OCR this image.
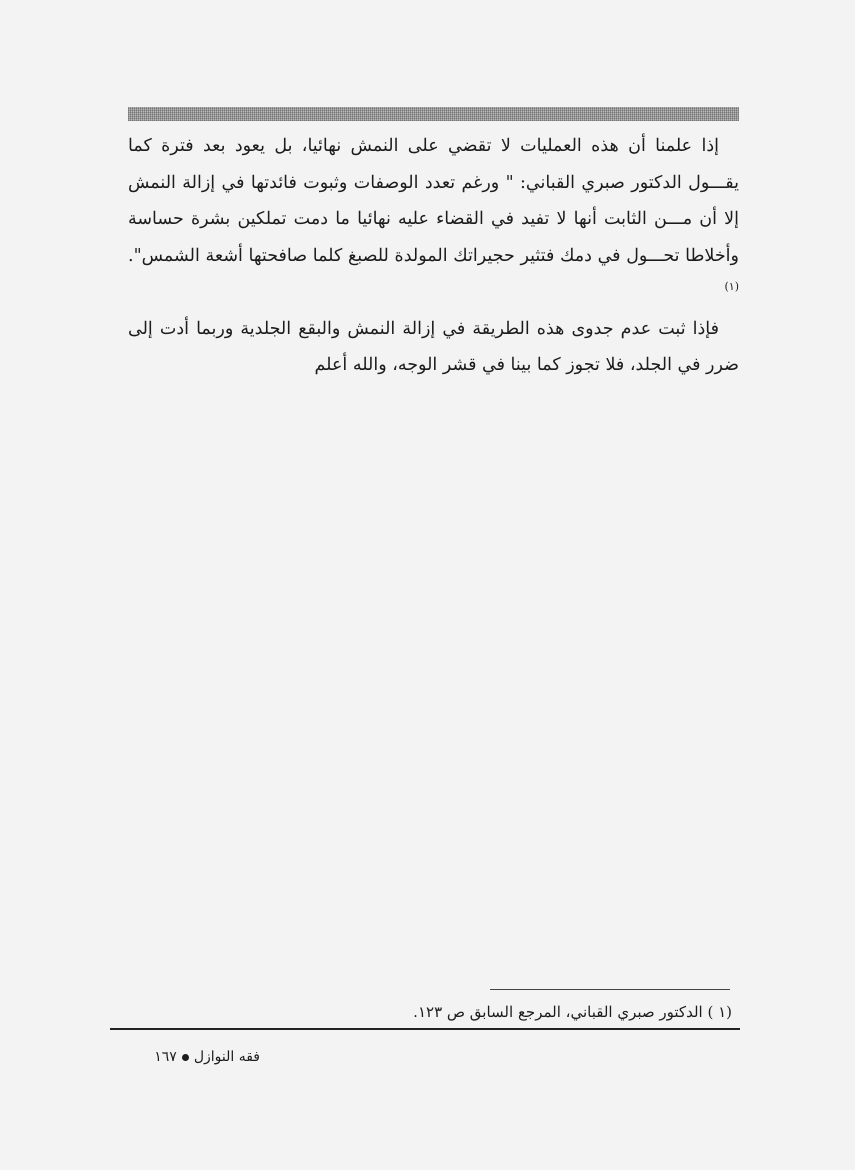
إذا علمنا أن هذه العمليات لا تقضي على النمش نهائيا، بل يعود بعد فترة كما يقـــول الدكتور صبري القباني: " ورغم تعدد الوصفات وثبوت فائدتها في إزالة النمش إلا أن مـــن الثابت أنها لا تفيد في القضاء عليه نهائيا ما دمت تملكين بشرة حساسة وأخلاطا تحـــول في دمك فتثير حجيراتك المولدة للصبغ كلما صافحتها أشعة الشمس".$^{(١)}$

فإذا ثبت عدم جدوى هذه الطريقة في إزالة النمش والبقع الجلدية وربما أدت إلى ضرر في الجلد، فلا تجوز كما بينا في قشر الوجه، والله أعلم

(١ ) الدكتور صبري القباني، المرجع السابق ص ١٢٣.
فقه النوازل١٦٧
